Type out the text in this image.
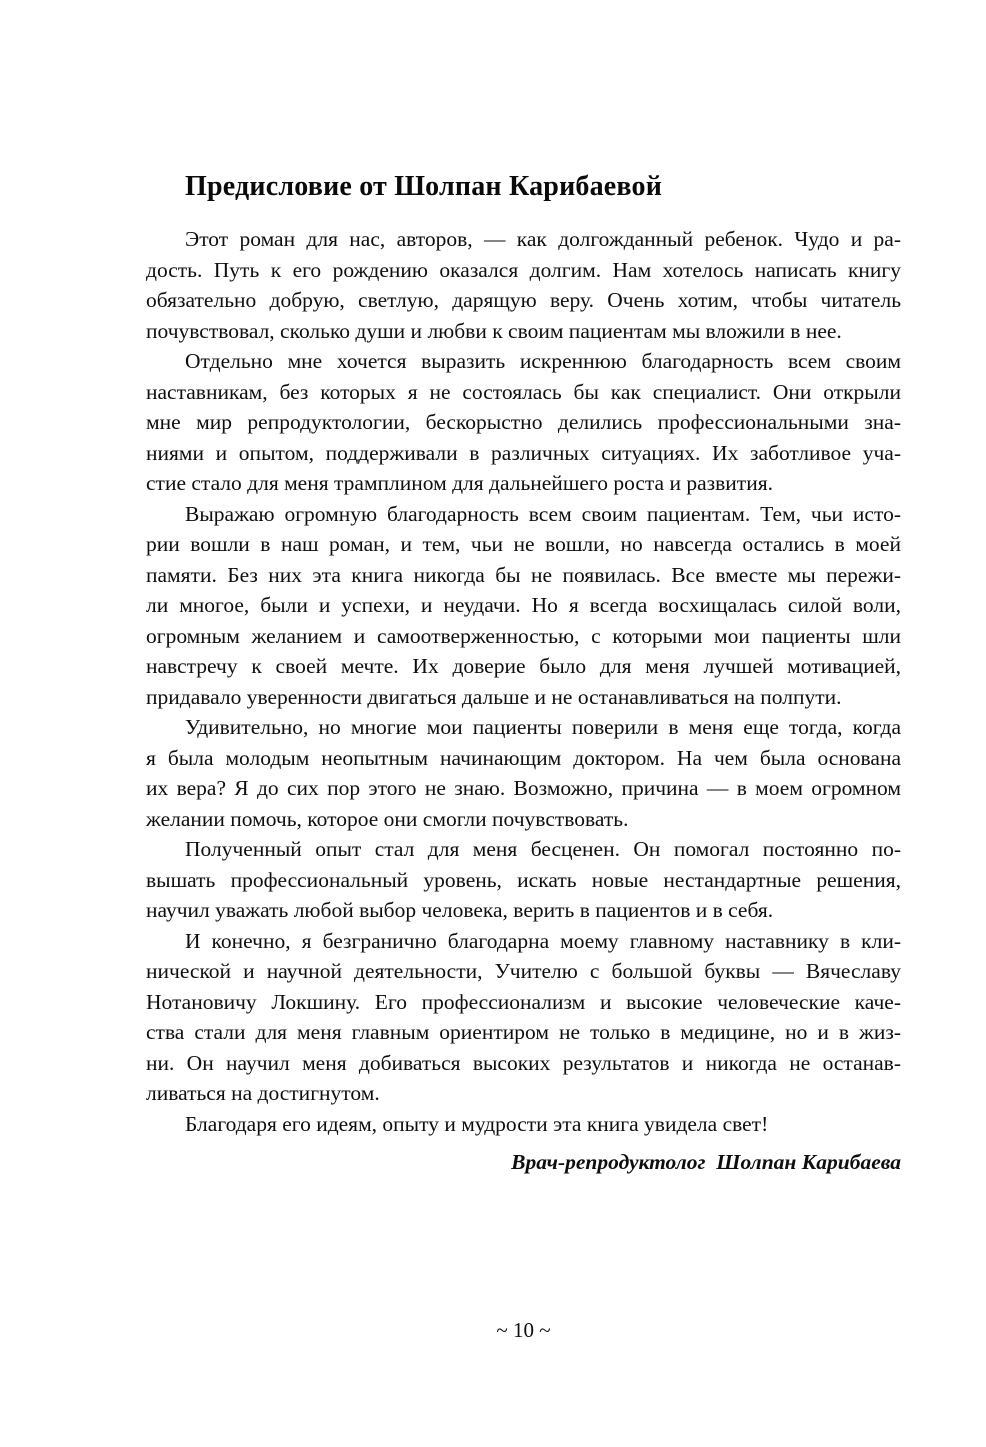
Предисловие от Шолпан Карибаевой
Этот роман для нас, авторов, — как долгожданный ребенок. Чудо и ра-
дость. Путь к его рождению оказался долгим. Нам хотелось написать книгу
обязательно добрую, светлую, дарящую веру. Очень хотим, чтобы читатель
почувствовал, сколько души и любви к своим пациентам мы вложили в нее.
Отдельно мне хочется выразить искреннюю благодарность всем своим
наставникам, без которых я не состоялась бы как специалист. Они открыли
мне мир репродуктологии, бескорыстно делились профессиональными зна-
ниями и опытом, поддерживали в различных ситуациях. Их заботливое уча-
стие стало для меня трамплином для дальнейшего роста и развития.
Выражаю огромную благодарность всем своим пациентам. Тем, чьи исто-
рии вошли в наш роман, и тем, чьи не вошли, но навсегда остались в моей
памяти. Без них эта книга никогда бы не появилась. Все вместе мы пережи-
ли многое, были и успехи, и неудачи. Но я всегда восхищалась силой воли,
огромным желанием и самоотверженностью, с которыми мои пациенты шли
навстречу к своей мечте. Их доверие было для меня лучшей мотивацией,
придавало уверенности двигаться дальше и не останавливаться на полпути.
Удивительно, но многие мои пациенты поверили в меня еще тогда, когда
я была молодым неопытным начинающим доктором. На чем была основана
их вера? Я до сих пор этого не знаю. Возможно, причина — в моем огромном
желании помочь, которое они смогли почувствовать.
Полученный опыт стал для меня бесценен. Он помогал постоянно по-
вышать профессиональный уровень, искать новые нестандартные решения,
научил уважать любой выбор человека, верить в пациентов и в себя.
И конечно, я безгранично благодарна моему главному наставнику в кли-
нической и научной деятельности, Учителю с большой буквы — Вячеславу
Нотановичу Локшину. Его профессионализм и высокие человеческие каче-
ства стали для меня главным ориентиром не только в медицине, но и в жиз-
ни. Он научил меня добиваться высоких результатов и никогда не останав-
ливаться на достигнутом.
Благодаря его идеям, опыту и мудрости эта книга увидела свет!
Врач-репродуктолог  Шолпан Карибаева
~ 10 ~
